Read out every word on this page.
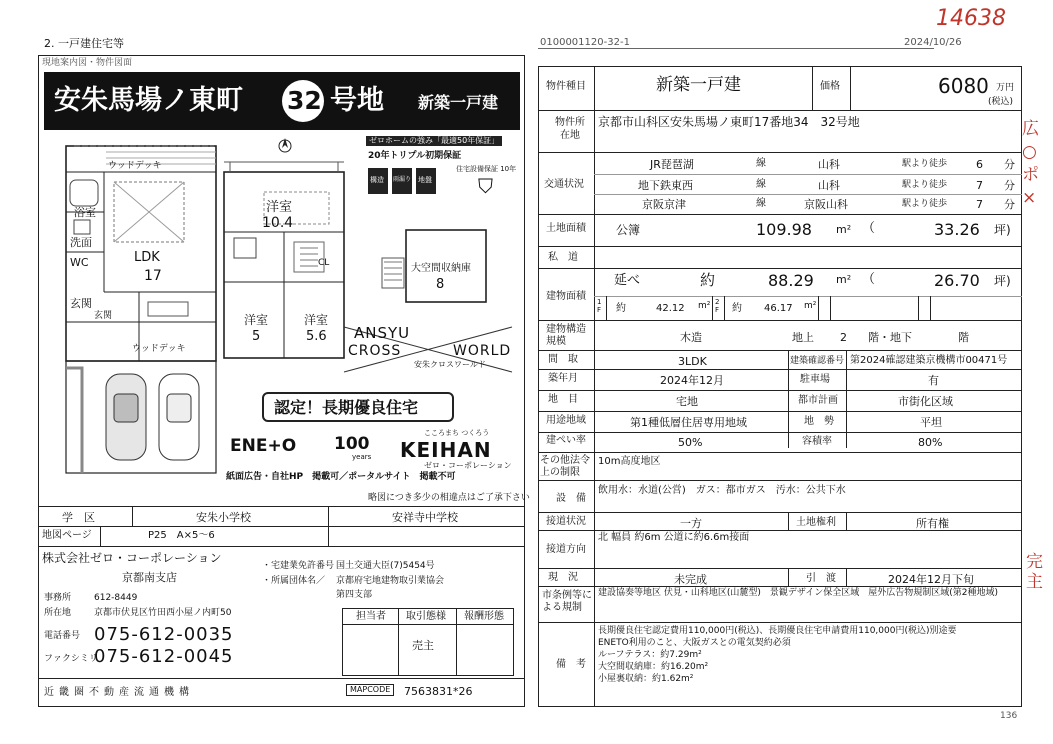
14638
広○ポ×
完主
2. 一戸建住宅等
現地案内図・物件図面
安朱馬場ノ東町 32 号地 新築一戸建
浴室
洗面
WC	LDK
17
玄関
玄関
ウッドデッキ
ウッドデッキ
洋室
10.4
洋室
5
洋室
5.6
大空間収納庫
8
CL
ゼロホームの強み「最適50年保証」
20年トリプル初期保証
構造 雨漏り 地盤
住宅設備保証 10年
⛉
ANSYU
CROSS	WORLD
安朱クロスワールド
認定！長期優良住宅
ENE+O 100
years
こころまち つくろう
KEIHAN
ゼロ・コーポレーション
紙面広告・自社HP　掲載可／ポータルサイト　掲載不可
略図につき多少の相違点はご了承下さい
学　区	安朱小学校	安祥寺中学校
地図ページ	P25　A×5〜6
株式会社ゼロ・コーポレーション
京都南支店
事務所	612-8449
所在地	京都市伏見区竹田西小屋ノ内町50
電話番号 075-612-0035
ファクシミリ
075-612-0045
・宅建業免許番号 国土交通大臣(7)5454号
・所属団体名 ／ 京都府宅地建物取引業協会
第四支部
担当者 取引態様 報酬形態
売主
近畿圏不動産流通機構	MAPCODE 7563831*26
0100001120-32-1	2024/10/26
物件種目	新築一戸建	価格	6080 万円
(税込)
物件所在地
京都市山科区安朱馬場ノ東町17番地34　32号地
交通状況
JR琵琶湖	線	山科	駅より徒歩	6 分
地下鉄東西	線	山科	駅より徒歩	7 分
京阪京津	線	京阪山科	駅より徒歩	7 分
土地面積	公簿	109.98 m² （	33.26 坪)
私　道
建物面積
延べ	約	88.29 m² （	26.70 坪)
1F 約	42.12 m² 2F 約 46.17 m²
建物構造規模	木造	地上 2 階・地下	階
間　取	3LDK	建築確認番号 第2024確認建築京機構市00471号
築年月	2024年12月	駐車場	有
地　目	宅地	都市計画	市街化区域
用途地域	第1種低層住居専用地域	地　勢	平坦
建ぺい率	50%	容積率	80%
その他法令上の制限
10m高度地区
設　備
飲用水：水道(公営)　ガス：都市ガス　汚水：公共下水
接道状況	一方	土地権利	所有権
接道方向
北 幅員 約6m 公道に約6.6m接面
現　況	未完成	引　渡	2024年12月下旬
市条例等による規制
建設協奏等地区 伏見・山科地区(山麓型)　景観デザイン保全区域　屋外広告物規制区域(第2種地域)
備　考
長期優良住宅認定費用110,000円(税込)、長期優良住宅申請費用110,000円(税込)別途要
ENETO利用のこと、大阪ガスとの電気契約必須
ルーフテラス：約7.29m²
大空間収納庫：約16.20m²
小屋裏収納：約1.62m²
136
